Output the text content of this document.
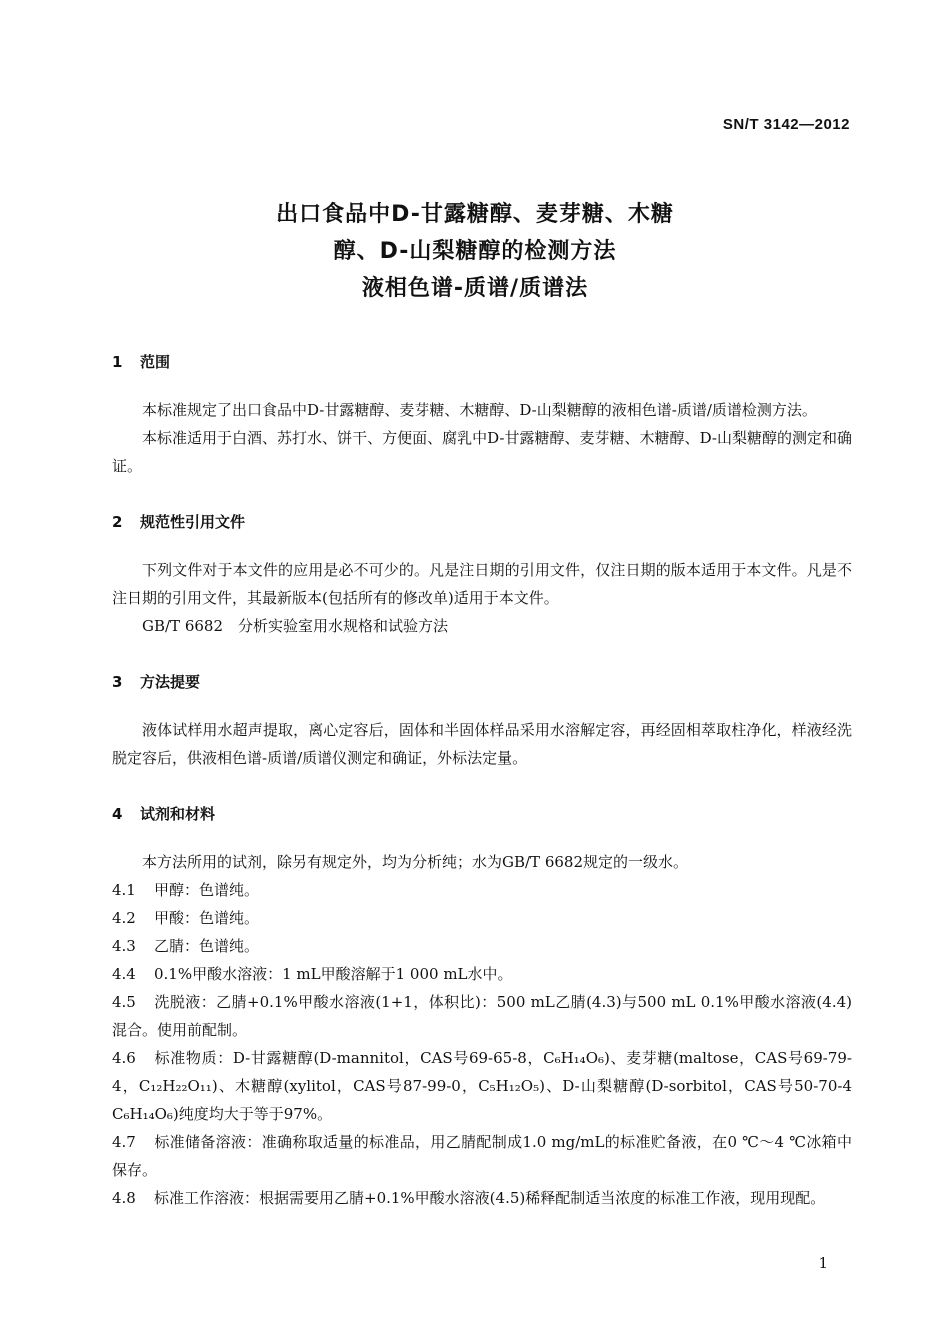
SN/T 3142—2012
出口食品中D-甘露糖醇、麦芽糖、木糖
醇、D-山梨糖醇的检测方法
液相色谱-质谱/质谱法
1 范围

本标准规定了出口食品中D-甘露糖醇、麦芽糖、木糖醇、D-山梨糖醇的液相色谱-质谱/质谱检测方法。

本标准适用于白酒、苏打水、饼干、方便面、腐乳中D-甘露糖醇、麦芽糖、木糖醇、D-山梨糖醇的测定和确证。

2 规范性引用文件

下列文件对于本文件的应用是必不可少的。凡是注日期的引用文件，仅注日期的版本适用于本文件。凡是不注日期的引用文件，其最新版本(包括所有的修改单)适用于本文件。

GB/T 6682　分析实验室用水规格和试验方法
3 方法提要

液体试样用水超声提取，离心定容后，固体和半固体样品采用水溶解定容，再经固相萃取柱净化，样液经洗脱定容后，供液相色谱-质谱/质谱仪测定和确证，外标法定量。

4 试剂和材料

本方法所用的试剂，除另有规定外，均为分析纯；水为GB/T 6682规定的一级水。

4.1 甲醇：色谱纯。

4.2 甲酸：色谱纯。

4.3 乙腈：色谱纯。

4.4 0.1%甲酸水溶液：1 mL甲酸溶解于1 000 mL水中。

4.5 洗脱液：乙腈+0.1%甲酸水溶液(1+1，体积比)：500 mL乙腈(4.3)与500 mL 0.1%甲酸水溶液(4.4)混合。使用前配制。

4.6 标准物质：D-甘露糖醇(D-mannitol，CAS号69-65-8，C₆H₁₄O₆)、麦芽糖(maltose，CAS号69-79-4，C₁₂H₂₂O₁₁)、木糖醇(xylitol，CAS号87-99-0，C₅H₁₂O₅)、D-山梨糖醇(D-sorbitol，CAS号50-70-4 C₆H₁₄O₆)纯度均大于等于97%。

4.7 标准储备溶液：准确称取适量的标准品，用乙腈配制成1.0 mg/mL的标准贮备液，在0 ℃～4 ℃冰箱中保存。

4.8 标准工作溶液：根据需要用乙腈+0.1%甲酸水溶液(4.5)稀释配制适当浓度的标准工作液，现用现配。

1
